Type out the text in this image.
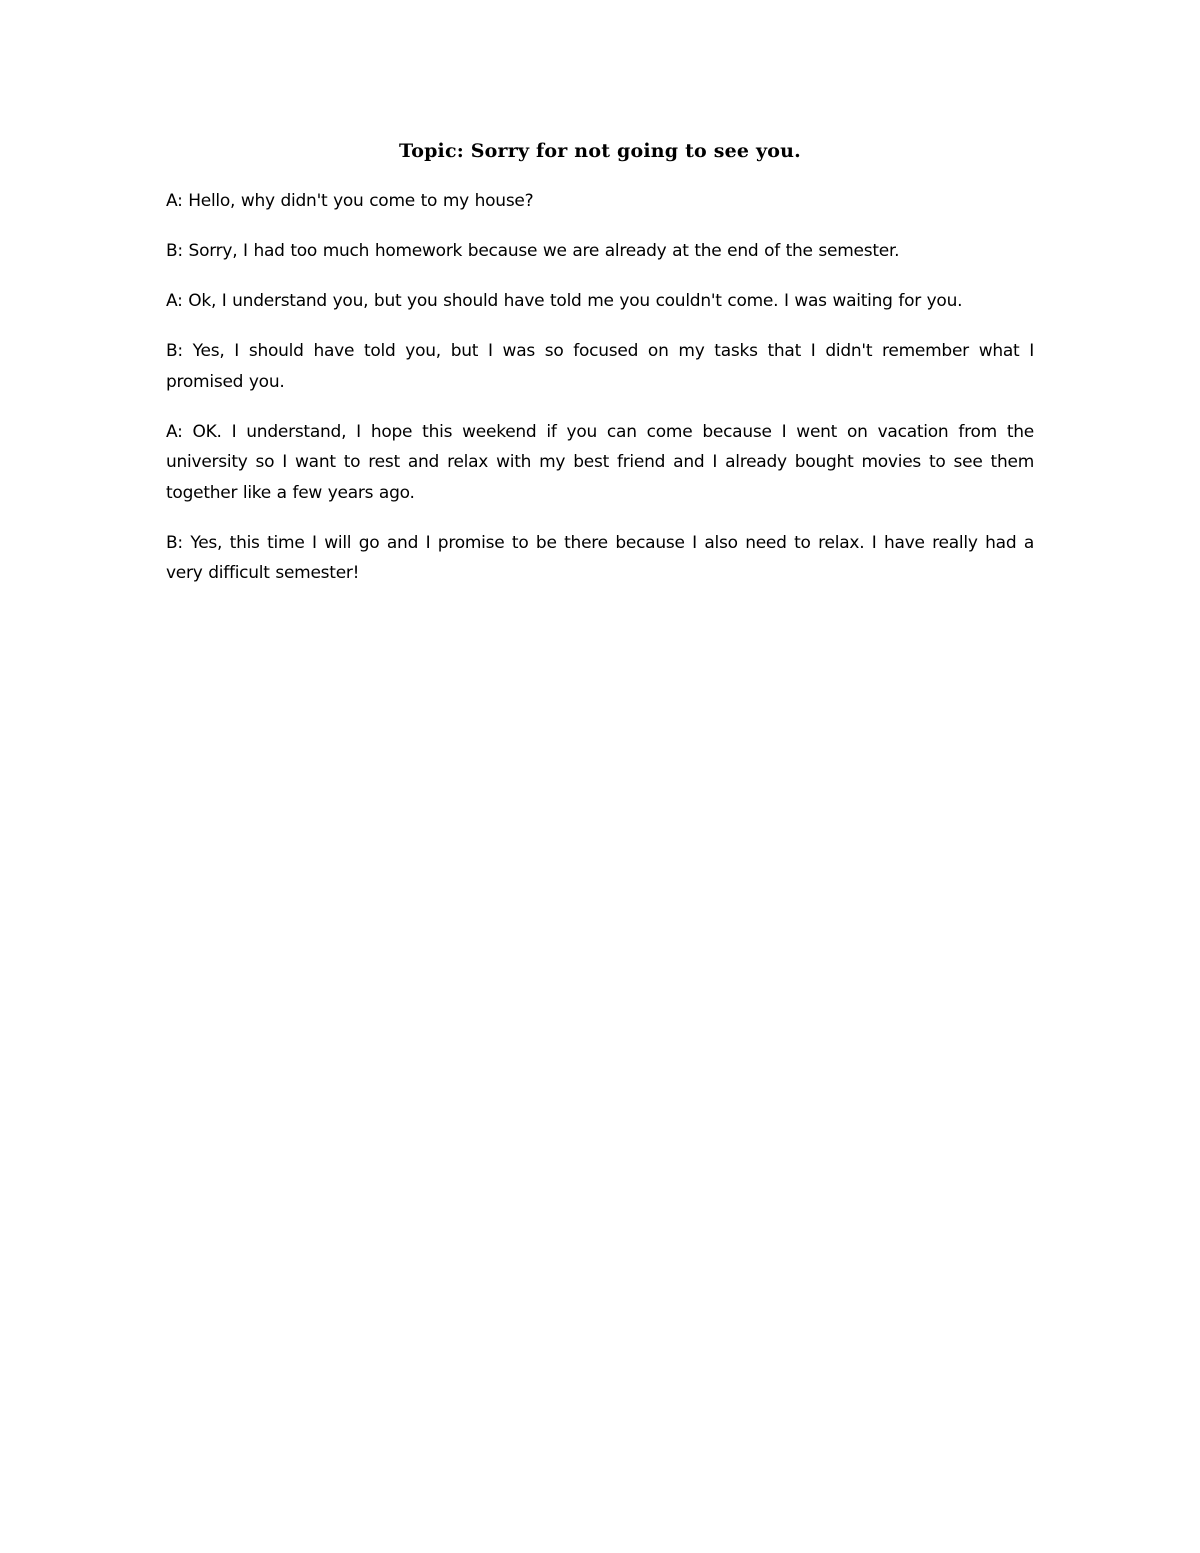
Topic: Sorry for not going to see you.

A: Hello, why didn't you come to my house?

B: Sorry, I had too much homework because we are already at the end of the semester.

A: Ok, I understand you, but you should have told me you couldn't come. I was waiting for you.

B: Yes, I should have told you, but I was so focused on my tasks that I didn't remember what I promised you.

A: OK. I understand, I hope this weekend if you can come because I went on vacation from the university so I want to rest and relax with my best friend and I already bought movies to see them together like a few years ago.

B: Yes, this time I will go and I promise to be there because I also need to relax. I have really had a very difficult semester!
